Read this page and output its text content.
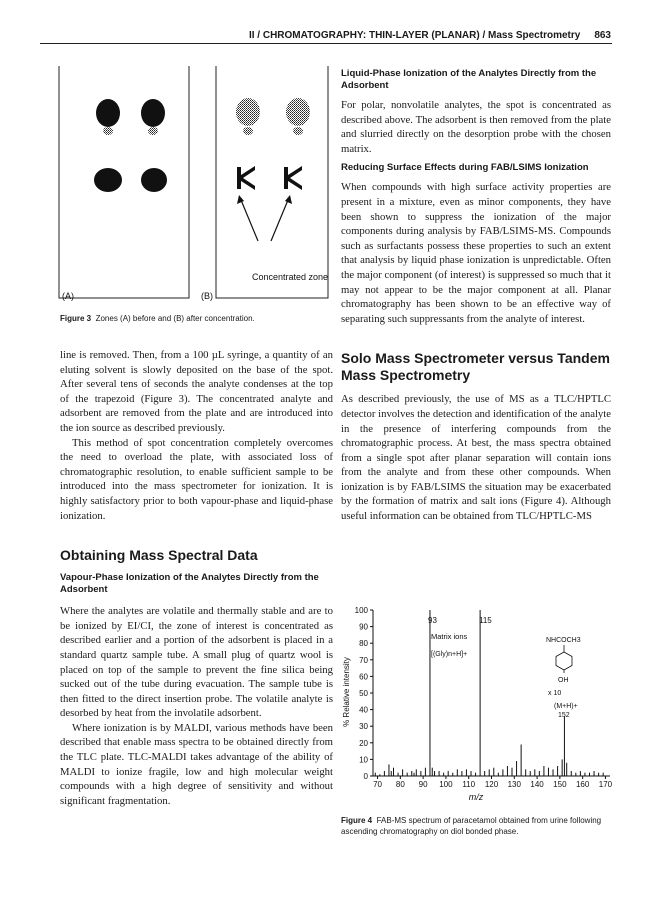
II / CHROMATOGRAPHY: THIN-LAYER (PLANAR) / Mass Spectrometry 863
Concentrated zone
(A)	(B)
Figure 3 Zones (A) before and (B) after concentration.

line is removed. Then, from a 100 µL syringe, a quantity of an eluting solvent is slowly deposited on the base of the spot. After several tens of seconds the analyte condenses at the top of the trapezoid (Figure 3). The concentrated analyte and adsorbent are removed from the plate and are introduced into the ion source as described previously.

This method of spot concentration completely overcomes the need to overload the plate, with associated loss of chromatographic resolution, to enable sufficient sample to be introduced into the mass spectrometer for ionization. It is highly satisfactory prior to both vapour-phase and liquid-phase ionization.

Obtaining Mass Spectral Data
Vapour-Phase Ionization of the Analytes Directly from the Adsorbent

Where the analytes are volatile and thermally stable and are to be ionized by EI/CI, the zone of interest is concentrated as described earlier and a portion of the adsorbent is placed in a standard quartz sample tube. A small plug of quartz wool is placed on top of the sample to prevent the fine silica being sucked out of the tube during evacuation. The sample tube is then fitted to the direct insertion probe. The volatile analyte is desorbed by heat from the involatile adsorbent.

Where ionization is by MALDI, various methods have been described that enable mass spectra to be obtained directly from the TLC plate. TLC-MALDI takes advantage of the ability of MALDI to ionize fragile, low and high molecular weight compounds with a high degree of sensitivity and without significant fragmentation.

Liquid-Phase Ionization of the Analytes Directly from the Adsorbent

For polar, nonvolatile analytes, the spot is concentrated as described above. The adsorbent is then removed from the plate and slurried directly on the desorption probe with the chosen matrix.

Reducing Surface Effects during FAB/LSIMS Ionization

When compounds with high surface activity properties are present in a mixture, even as minor components, they have been shown to suppress the ionization of the major components during analysis by FAB/LSIMS-MS. Compounds such as surfactants possess these properties to such an extent that analysis by liquid phase ionization is unpredictable. Often the major component (of interest) is suppressed so much that it may not appear to be the major component at all. Planar chromatography has been shown to be an effective way of separating such suppressants from the analyte of interest.

Solo Mass Spectrometer versus Tandem Mass Spectrometry

As described previously, the use of MS as a TLC/HPTLC detector involves the detection and identification of the analyte in the presence of interfering compounds from the chromatographic process. At best, the mass spectra obtained from a single spot after planar separation will contain ions from the analyte and from these other compounds. When ionization is by FAB/LSIMS the situation may be exacerbated by the formation of matrix and salt ions (Figure 4). Although useful information can be obtained from TLC/HPTLC-MS

0
10
20
30
40
50
60
70
80
90
100
70 80 90 100 110 120 130 140 150 160 170
93	115
Matrix ions
[(Gly)n+H]+
NHCOCH3
OH
x 10
(M+H)+
152
m/z
% Relative intensity
Figure 4 FAB-MS spectrum of paracetamol obtained from urine following ascending chromatography on diol bonded phase.
